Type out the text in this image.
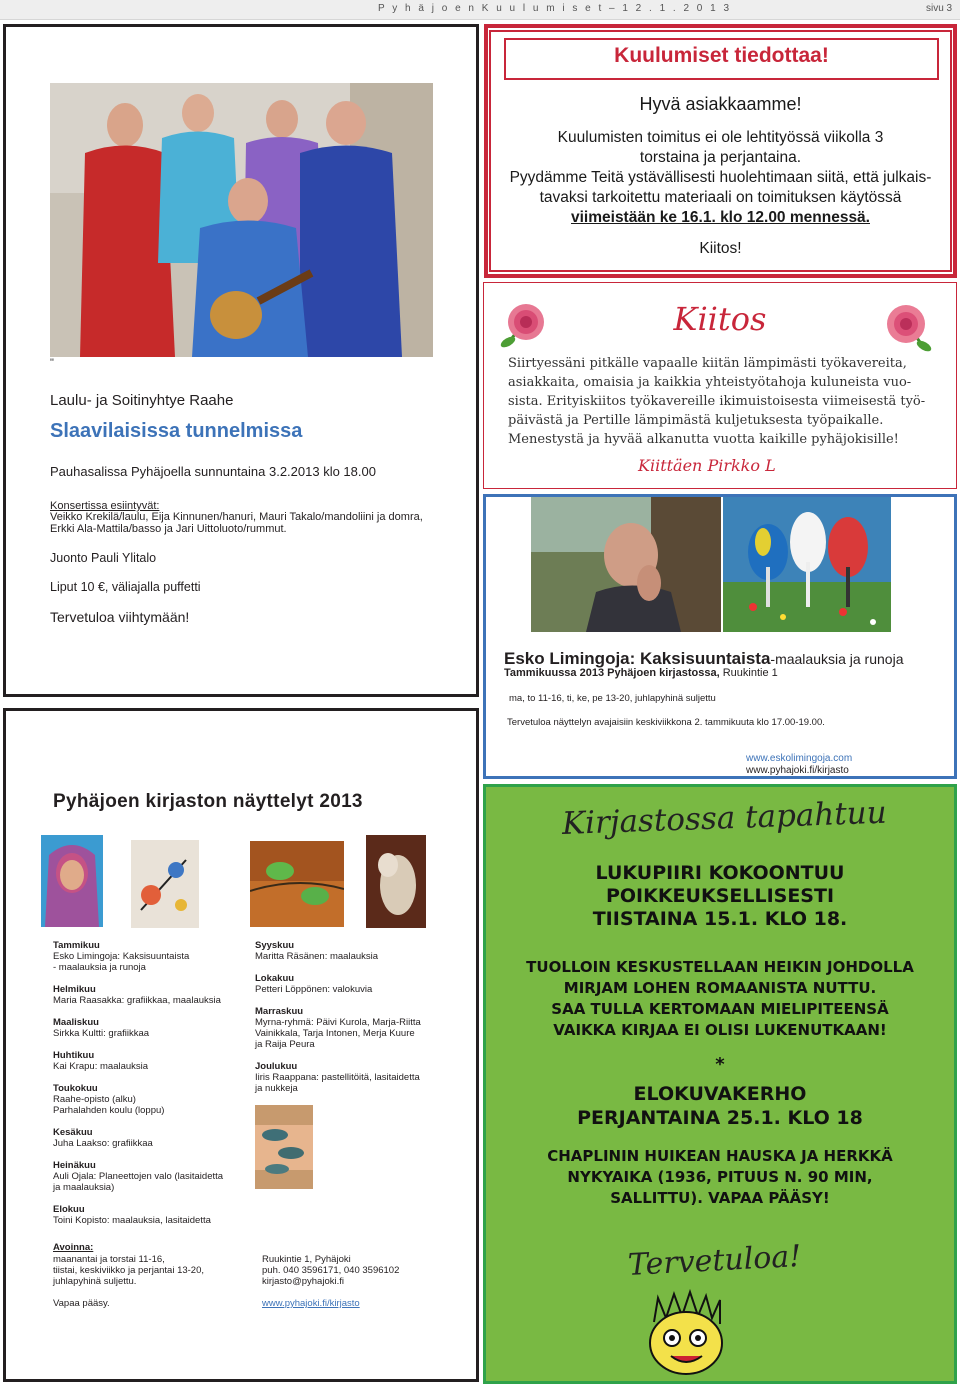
P y h ä j o e n K u u l u m i s e t – 1 2 . 1 . 2 0 1 3	sivu 3
"
Laulu- ja Soitinyhtye Raahe
Slaavilaisissa tunnelmissa
Pauhasalissa Pyhäjoella sunnuntaina 3.2.2013 klo 18.00
Konsertissa esiintyvät:
Veikko Krekilä/laulu, Eija Kinnunen/hanuri, Mauri Takalo/mandoliini ja domra,
Erkki Ala-Mattila/basso ja Jari Uittoluoto/rummut.
Juonto Pauli Ylitalo
Liput 10 €, väliajalla puffetti
Tervetuloa viihtymään!
Kuulumiset tiedottaa!
Hyvä asiakkaamme!
Kuulumisten toimitus ei ole lehtityössä viikolla 3
torstaina ja perjantaina.
Pyydämme Teitä ystävällisesti huolehtimaan siitä, että julkais-
tavaksi tarkoitettu materiaali on toimituksen käytössä
viimeistään ke 16.1. klo 12.00 mennessä.
Kiitos!
Kiitos
Siirtyessäni pitkälle vapaalle kiitän lämpimästi työkavereita,
asiakkaita, omaisia ja kaikkia yhteistyötahoja kuluneista vuo-
sista. Erityiskiitos työkavereille ikimuistoisesta viimeisestä työ-
päivästä ja Pertille lämpimästä kuljetuksesta työpaikalle.
Menestystä ja hyvää alkanutta vuotta kaikille pyhäjokisille!
Kiittäen Pirkko L
Esko Limingoja: Kaksisuuntaista-maalauksia ja runoja
Tammikuussa 2013 Pyhäjoen kirjastossa, Ruukintie 1
ma, to 11-16, ti, ke, pe 13-20, juhlapyhinä suljettu
Tervetuloa näyttelyn avajaisiin keskiviikkona 2. tammikuuta klo 17.00-19.00.
www.eskolimingoja.com
www.pyhajoki.fi/kirjasto
Pyhäjoen kirjaston näyttelyt 2013
Tammikuu
Esko Limingoja: Kaksisuuntaista
- maalauksia ja runoja
Helmikuu
Maria Raasakka: grafiikkaa, maalauksia
Maaliskuu
Sirkka Kultti: grafiikkaa
Huhtikuu
Kai Krapu: maalauksia
Toukokuu
Raahe-opisto (alku)
Parhalahden koulu (loppu)
Kesäkuu
Juha Laakso: grafiikkaa
Heinäkuu
Auli Ojala: Planeettojen valo (lasitaidetta
ja maalauksia)
Elokuu
Toini Kopisto: maalauksia, lasitaidetta
Syyskuu
Maritta Räsänen: maalauksia
Lokakuu
Petteri Löppönen: valokuvia
Marraskuu
Myrna-ryhmä: Päivi Kurola, Marja-Riitta
Vainikkala, Tarja Intonen, Merja Kuure
ja Raija Peura
Joulukuu
Iiris Raappana: pastellitöitä, lasitaidetta
ja nukkeja
Avoinna:
maanantai ja torstai 11-16,
tiistai, keskiviikko ja perjantai 13-20,
juhlapyhinä suljettu.
Vapaa pääsy.
Ruukintie 1, Pyhäjoki
puh. 040 3596171, 040 3596102
kirjasto@pyhajoki.fi
www.pyhajoki.fi/kirjasto
Kirjastossa tapahtuu
LUKUPIIRI KOKOONTUU
POIKKEUKSELLISESTI
TIISTAINA 15.1. KLO 18.
TUOLLOIN KESKUSTELLAAN HEIKIN JOHDOLLA
MIRJAM LOHEN ROMAANISTA NUTTU.
SAA TULLA KERTOMAAN MIELIPITEENSÄ
VAIKKA KIRJAA EI OLISI LUKENUTKAAN!
*
ELOKUVAKERHO
PERJANTAINA 25.1. KLO 18
CHAPLININ HUIKEAN HAUSKA JA HERKKÄ
NYKYAIKA (1936, PITUUS N. 90 MIN,
SALLITTU). VAPAA PÄÄSY!
Tervetuloa!
